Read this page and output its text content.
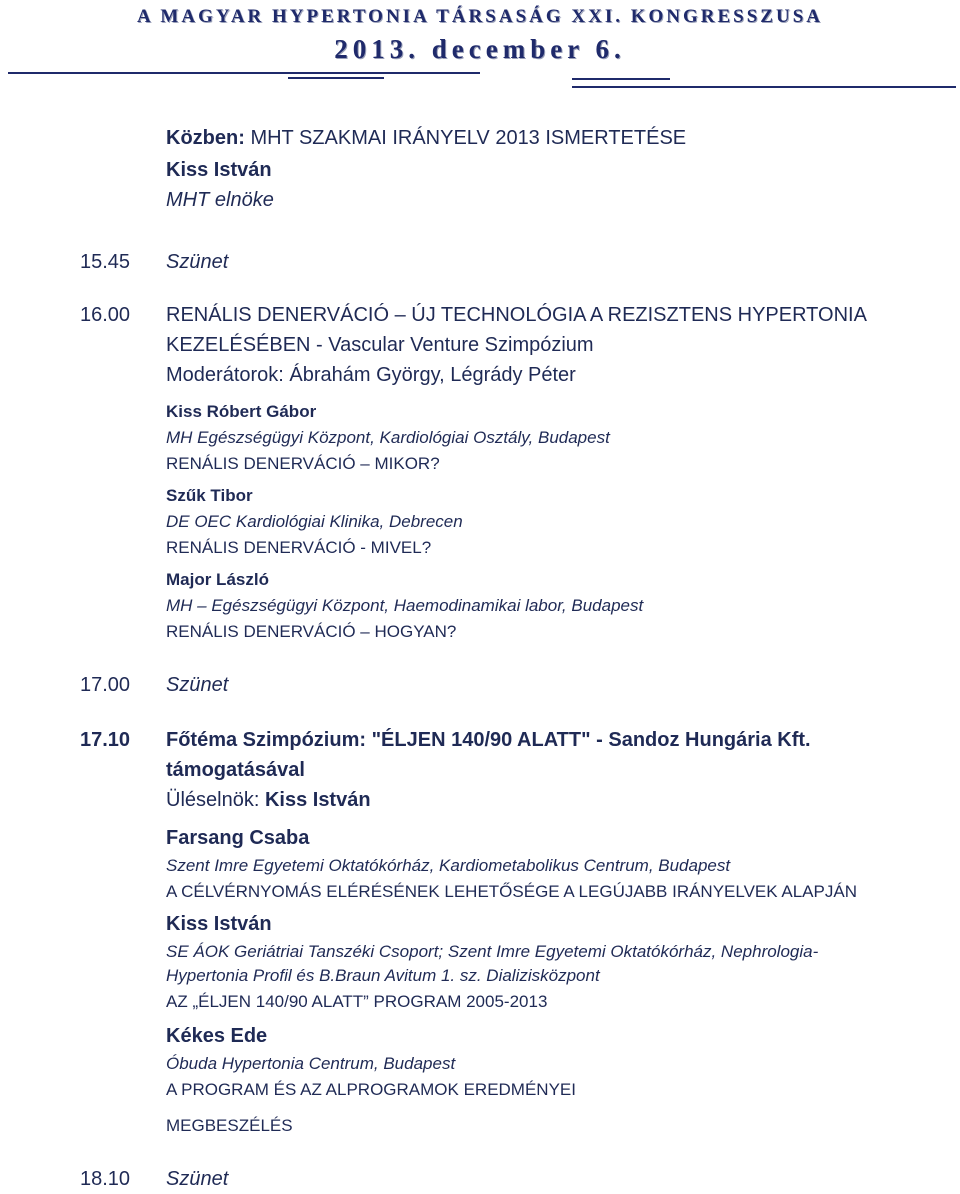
A MAGYAR HYPERTONIA TÁRSASÁG XXI. KONGRESSZUSA
2013. december 6.
Közben: MHT SZAKMAI IRÁNYELV 2013 ISMERTETÉSE
Kiss István
MHT elnöke
15.45 Szünet
16.00 RENÁLIS DENERVÁCIÓ – ÚJ TECHNOLÓGIA A REZISZTENS HYPERTONIA
KEZELÉSÉBEN - Vascular Venture Szimpózium
Moderátorok: Ábrahám György, Légrády Péter
Kiss Róbert Gábor
MH Egészségügyi Központ, Kardiológiai Osztály, Budapest
RENÁLIS DENERVÁCIÓ – MIKOR?
Szűk Tibor
DE OEC Kardiológiai Klinika, Debrecen
RENÁLIS DENERVÁCIÓ - MIVEL?
Major László
MH – Egészségügyi Központ, Haemodinamikai labor, Budapest
RENÁLIS DENERVÁCIÓ – HOGYAN?
17.00 Szünet
17.10 Főtéma Szimpózium: "ÉLJEN 140/90 ALATT" - Sandoz Hungária Kft.
támogatásával
Üléselnök: Kiss István
Farsang Csaba
Szent Imre Egyetemi Oktatókórház, Kardiometabolikus Centrum, Budapest
A CÉLVÉRNYOMÁS ELÉRÉSÉNEK LEHETŐSÉGE A LEGÚJABB IRÁNYELVEK ALAPJÁN
Kiss István
SE ÁOK Geriátriai Tanszéki Csoport; Szent Imre Egyetemi Oktatókórház, Nephrologia-
Hypertonia Profil és B.Braun Avitum 1. sz. Dializisközpont
AZ „ÉLJEN 140/90 ALATT” PROGRAM 2005-2013
Kékes Ede
Óbuda Hypertonia Centrum, Budapest
A PROGRAM ÉS AZ ALPROGRAMOK EREDMÉNYEI
MEGBESZÉLÉS
18.10 Szünet
